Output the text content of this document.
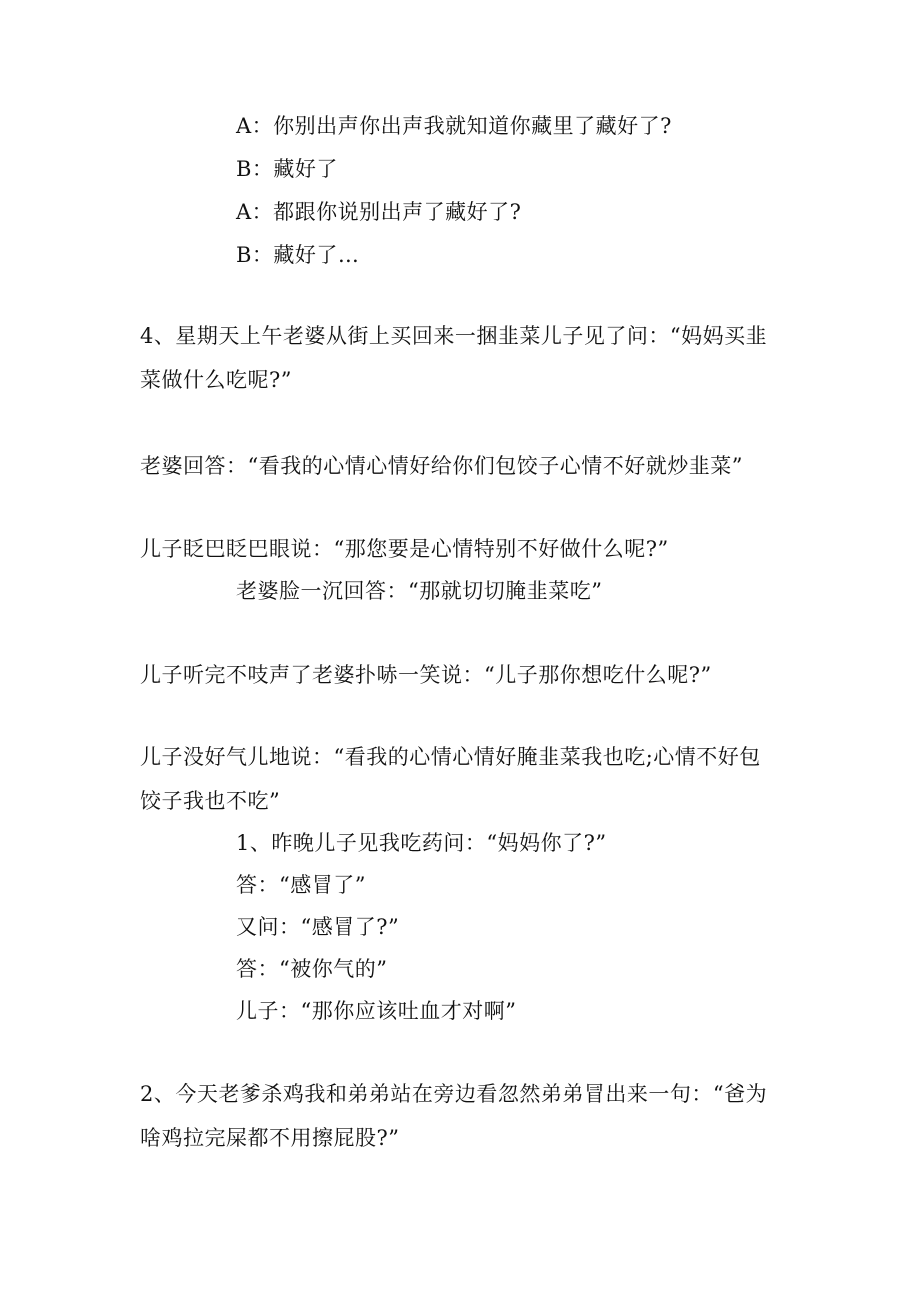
A：你别出声你出声我就知道你藏里了藏好了?
B：藏好了
A：都跟你说别出声了藏好了?
B：藏好了…
4、星期天上午老婆从街上买回来一捆韭菜儿子见了问：“妈妈买韭菜做什么吃呢?”
老婆回答：“看我的心情心情好给你们包饺子心情不好就炒韭菜”
儿子眨巴眨巴眼说：“那您要是心情特别不好做什么呢?”
老婆脸一沉回答：“那就切切腌韭菜吃”
儿子听完不吱声了老婆扑哧一笑说：“儿子那你想吃什么呢?”
儿子没好气儿地说：“看我的心情心情好腌韭菜我也吃;心情不好包饺子我也不吃”
1、昨晚儿子见我吃药问：“妈妈你了?”
答：“感冒了”
又问：“感冒了?”
答：“被你气的”
儿子：“那你应该吐血才对啊”
2、今天老爹杀鸡我和弟弟站在旁边看忽然弟弟冒出来一句：“爸为啥鸡拉完屎都不用擦屁股?”
